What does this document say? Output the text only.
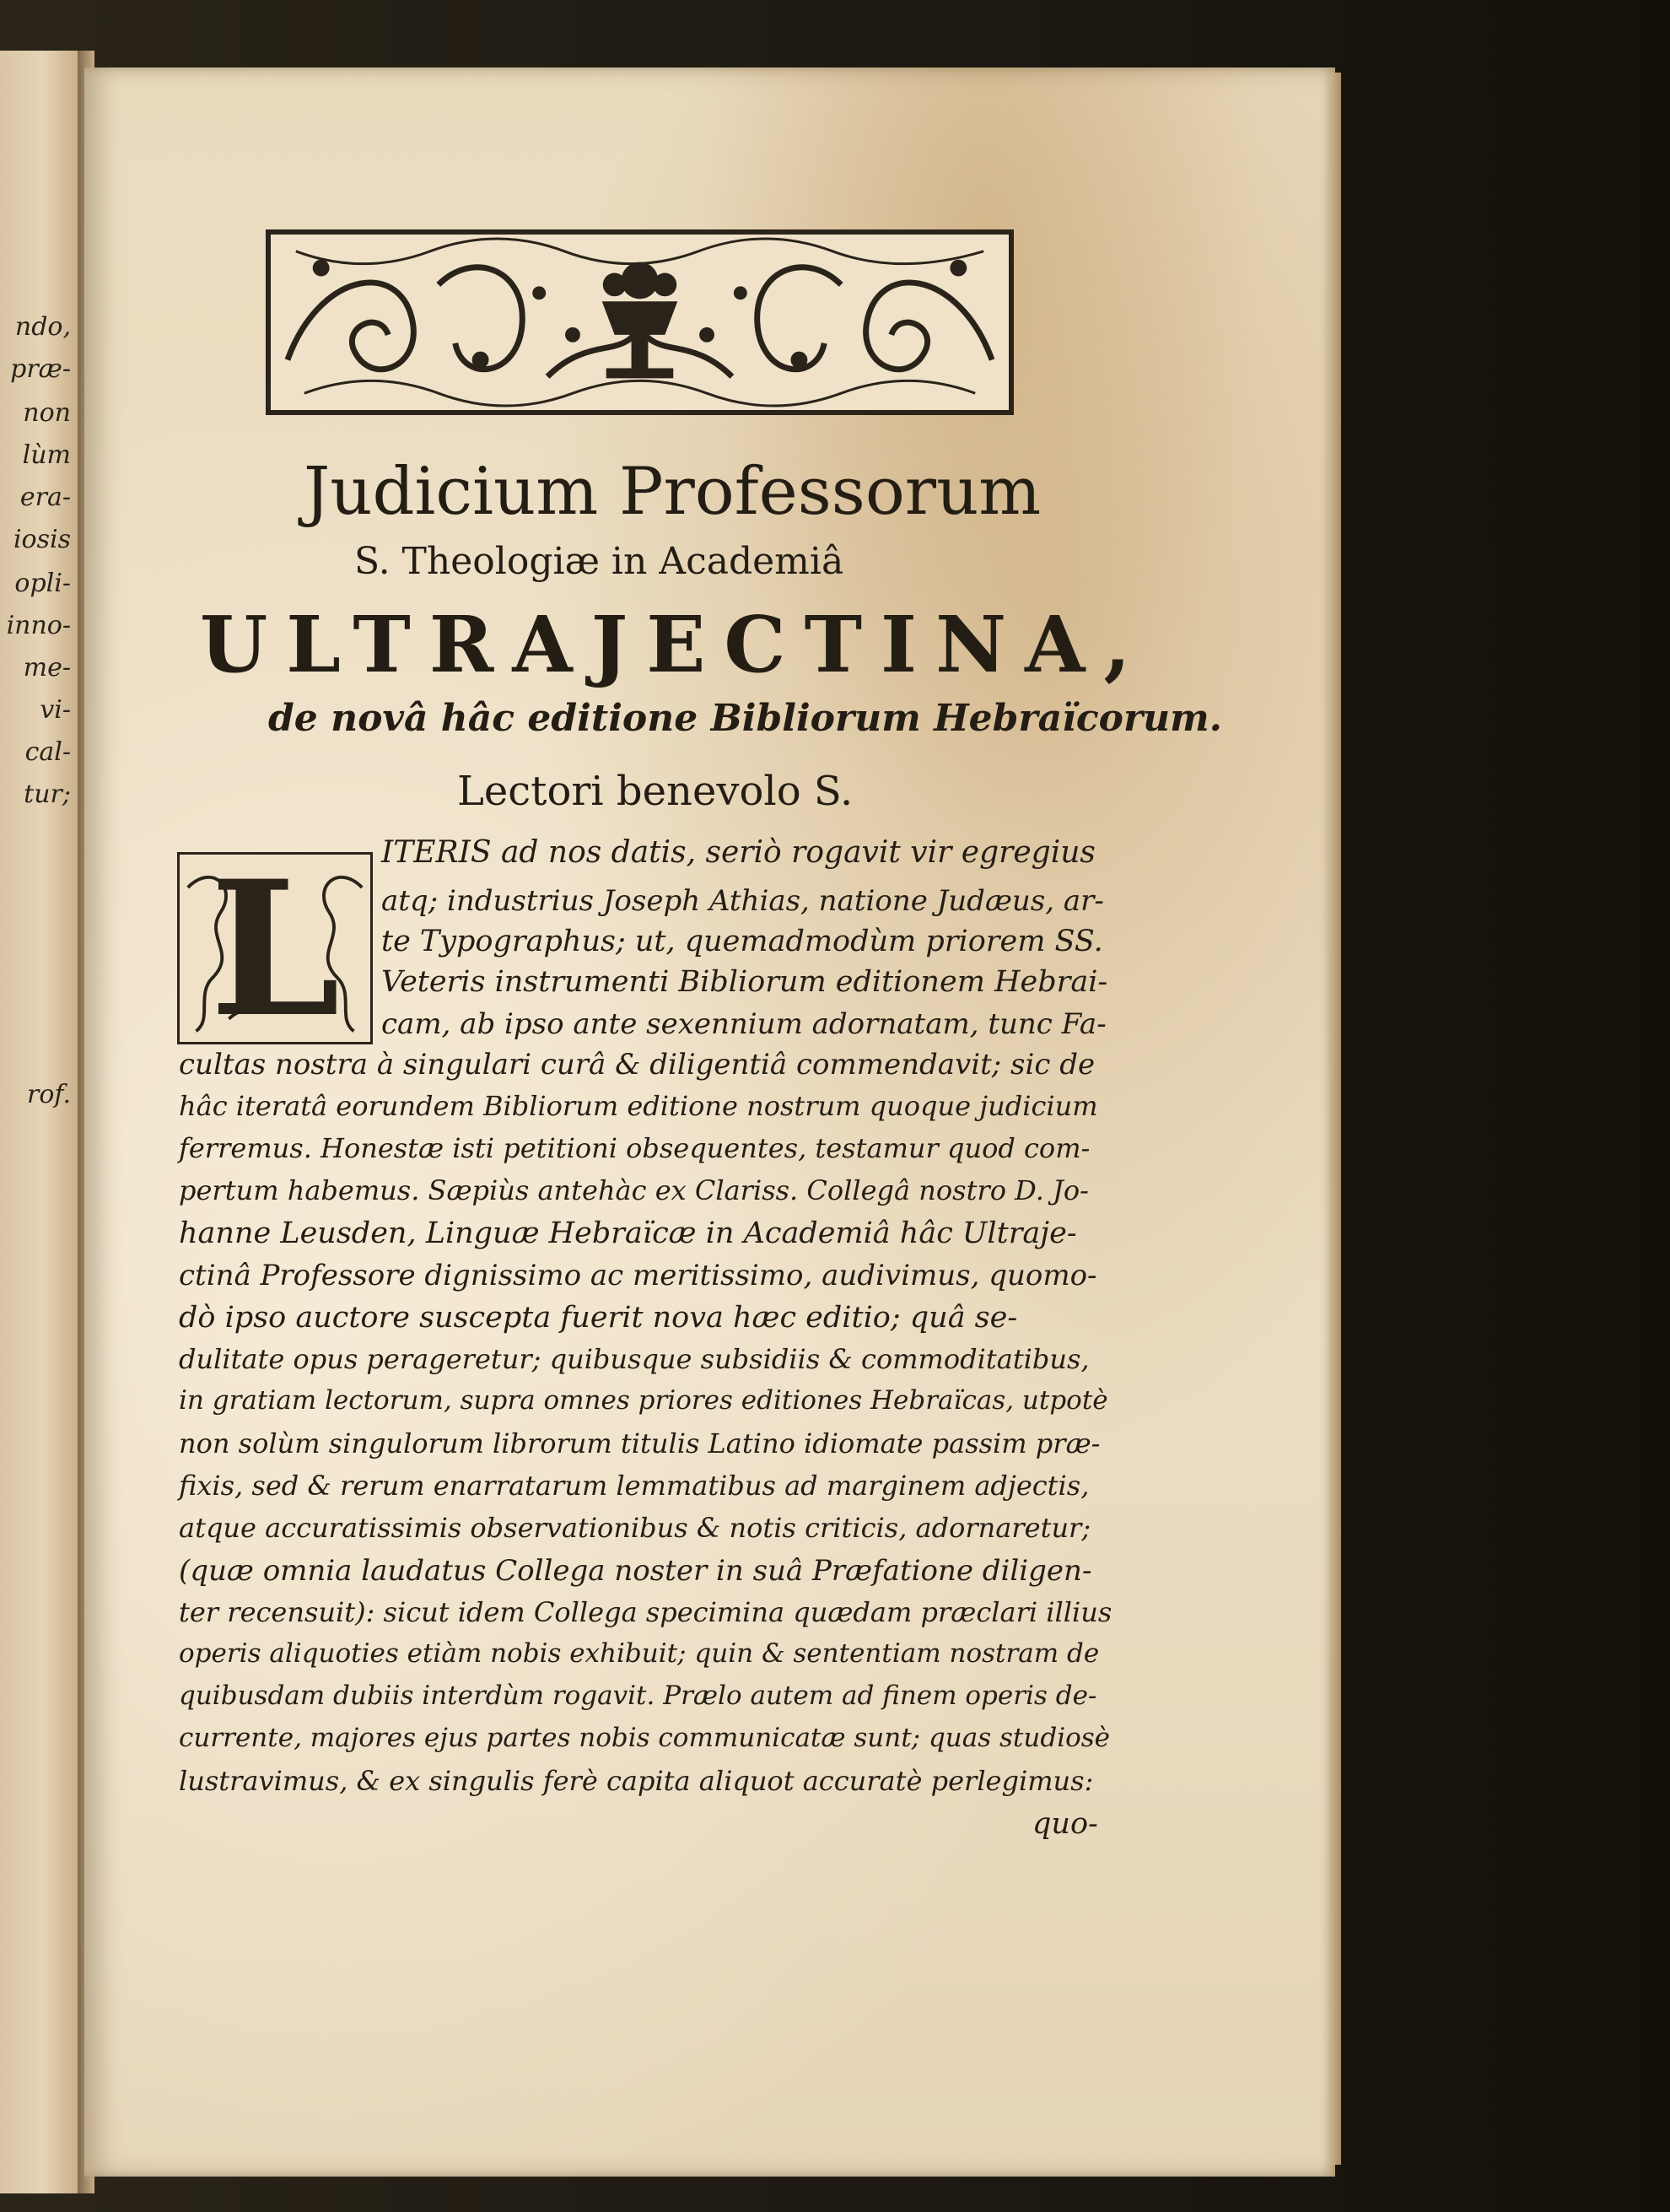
ndo,
præ-
non
lùm
era-
iosis
opli-
inno-
me-
vi-
cal-
tur;
rof.
Judicium Professorum
S. Theologiæ in Academiâ
ULTRAJECTINA,
de novâ hâc editione Bibliorum Hebraïcorum.
Lectori benevolo S.
L	ITERIS ad nos datis, seriò rogavit vir egregius
atq; industrius Joseph Athias, natione Judæus, ar-
te Typographus; ut, quemadmodùm priorem SS.
Veteris instrumenti Bibliorum editionem Hebrai-
cam, ab ipso ante sexennium adornatam, tunc Fa-
cultas nostra à singulari curâ & diligentiâ commendavit; sic de
hâc iteratâ eorundem Bibliorum editione nostrum quoque judicium
ferremus. Honestæ isti petitioni obsequentes, testamur quod com-
pertum habemus. Sæpiùs antehàc ex Clariss. Collegâ nostro D. Jo-
hanne Leusden, Linguæ Hebraïcæ in Academiâ hâc Ultraje-
ctinâ Professore dignissimo ac meritissimo, audivimus, quomo-
dò ipso auctore suscepta fuerit nova hæc editio; quâ se-
dulitate opus perageretur; quibusque subsidiis & commoditatibus,
in gratiam lectorum, supra omnes priores editiones Hebraïcas, utpotè
non solùm singulorum librorum titulis Latino idiomate passim præ-
fixis, sed & rerum enarratarum lemmatibus ad marginem adjectis,
atque accuratissimis observationibus & notis criticis, adornaretur;
(quæ omnia laudatus Collega noster in suâ Præfatione diligen-
ter recensuit): sicut idem Collega specimina quædam præclari illius
operis aliquoties etiàm nobis exhibuit; quin & sententiam nostram de
quibusdam dubiis interdùm rogavit. Prælo autem ad finem operis de-
currente, majores ejus partes nobis communicatæ sunt; quas studiosè
lustravimus, & ex singulis ferè capita aliquot accuratè perlegimus:
quo-
